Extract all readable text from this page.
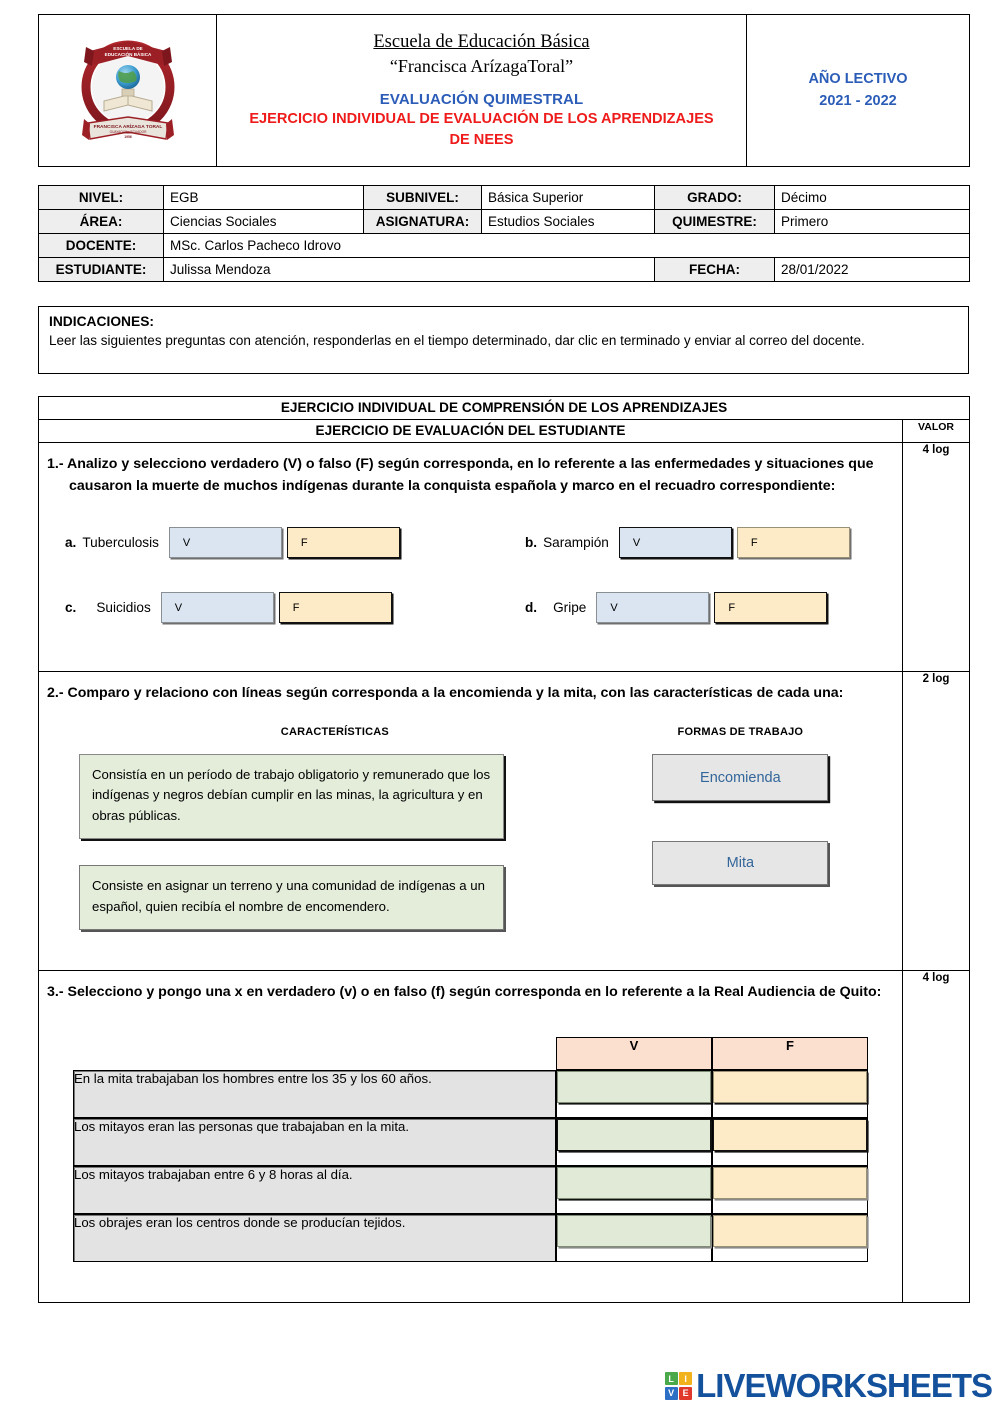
ESCUELA DE
EDUCACIÓN BÁSICA
FRANCISCA ARÍZAGA TORAL
GUAYAQUIL - ECUADOR
1956

Escuela de Educación Básica
“Francisca ArízagaToral”
EVALUACIÓN QUIMESTRAL
EJERCICIO INDIVIDUAL DE EVALUACIÓN DE LOS APRENDIZAJES
DE NEES

AÑO LECTIVO
2021 - 2022
NIVEL:	EGB	SUBNIVEL:	Básica Superior	GRADO:	Décimo
ÁREA:	Ciencias Sociales	ASIGNATURA:	Estudios Sociales	QUIMESTRE:	Primero
DOCENTE:	MSc. Carlos Pacheco Idrovo				
ESTUDIANTE:	Julissa Mendoza			FECHA:	28/01/2022
INDICACIONES:
Leer las siguientes preguntas con atención, responderlas en el tiempo determinado, dar clic en terminado y enviar al correo del docente.
EJERCICIO INDIVIDUAL DE COMPRENSIÓN DE LOS APRENDIZAJES
EJERCICIO DE EVALUACIÓN DEL ESTUDIANTE	VALOR

1.- Analizo y selecciono verdadero (V) o falso (F) según corresponda, en lo referente a las enfermedades y situaciones que causaron la muerte de muchos indígenas durante la conquista española y marco en el recuadro correspondiente:
a. Tuberculosis	V	F	b. Sarampión	V	F
c. Suicidios	V	F	d. Gripe	V	F
	4 log

2.- Comparo y relaciono con líneas según corresponda a la encomienda y la mita, con las características de cada una:
CARACTERÍSTICAS
Consistía en un período de trabajo obligatorio y remunerado que los indígenas y negros debían cumplir en las minas, la agricultura y en obras públicas.
Consiste en asignar un terreno y una comunidad de indígenas a un español, quien recibía el nombre de encomendero.
FORMAS DE TRABAJO
Encomienda
Mita
	2 log

3.- Selecciono y pongo una x en verdadero (v) o en falso (f) según corresponda en lo referente a la Real Audiencia de Quito:
	V	F
En la mita trabajaban los hombres entre los 35 y los 60 años.	

Los mitayos eran las personas que trabajaban en la mita.	

Los mitayos trabajaban entre 6 y 8 horas al día.	

Los obrajes eran los centros donde se producían tejidos.	

	4 log
L	I
V E LIVEWORKSHEETS
